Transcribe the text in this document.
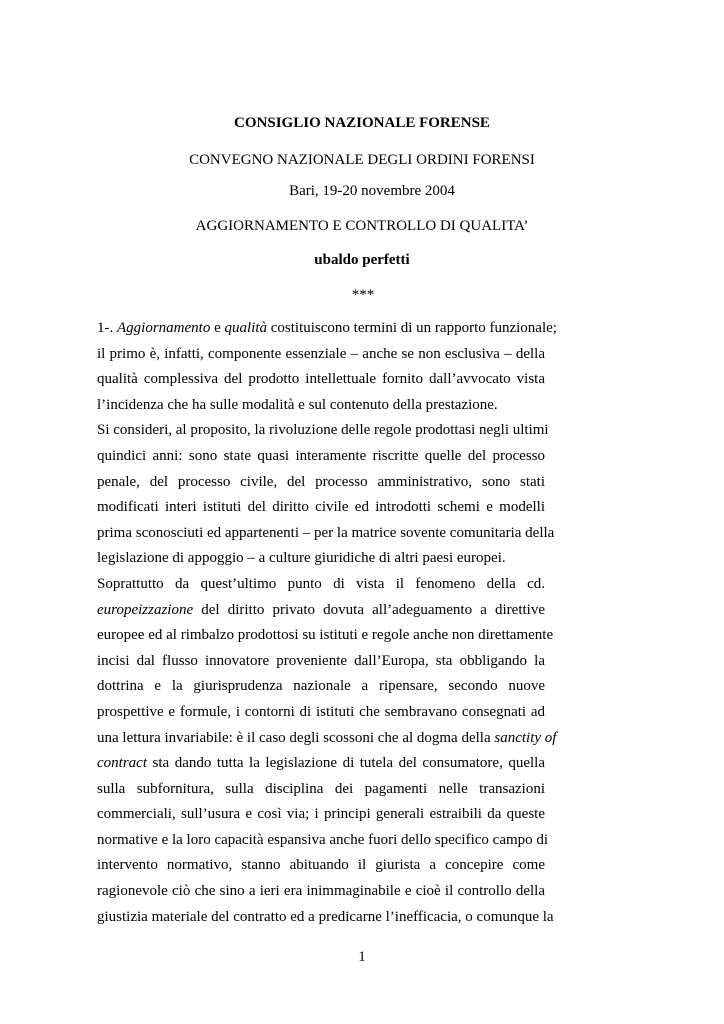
CONSIGLIO NAZIONALE FORENSE
CONVEGNO NAZIONALE DEGLI ORDINI FORENSI
Bari, 19-20 novembre 2004
AGGIORNAMENTO E CONTROLLO DI QUALITA’
ubaldo perfetti
***
1-. Aggiornamento e qualità costituiscono termini di un rapporto funzionale;
il primo è, infatti, componente essenziale – anche se non esclusiva – della
qualità complessiva del prodotto intellettuale fornito dall’avvocato vista
l’incidenza che ha sulle modalità e sul contenuto della prestazione.
Si consideri, al proposito, la rivoluzione delle regole prodottasi negli ultimi
quindici anni: sono state quasi interamente riscritte quelle del processo
penale, del processo civile, del processo amministrativo, sono stati
modificati interi istituti del diritto civile ed introdotti schemi e modelli
prima sconosciuti ed appartenenti – per la matrice sovente comunitaria della
legislazione di appoggio – a culture giuridiche di altri paesi europei.
Soprattutto da quest’ultimo punto di vista il fenomeno della cd.
europeizzazione del diritto privato dovuta all’adeguamento a direttive
europee ed al rimbalzo prodottosi su istituti e regole anche non direttamente
incisi dal flusso innovatore proveniente dall’Europa, sta obbligando la
dottrina e la giurisprudenza nazionale a ripensare, secondo nuove
prospettive e formule, i contorni di istituti che sembravano consegnati ad
una lettura invariabile: è il caso degli scossoni che al dogma della sanctity of
contract sta dando tutta la legislazione di tutela del consumatore, quella
sulla subfornitura, sulla disciplina dei pagamenti nelle transazioni
commerciali, sull’usura e così via; i principi generali estraibili da queste
normative e la loro capacità espansiva anche fuori dello specifico campo di
intervento normativo, stanno abituando il giurista a concepire come
ragionevole ciò che sino a ieri era inimmaginabile e cioè il controllo della
giustizia materiale del contratto ed a predicarne l’inefficacia, o comunque la
1
